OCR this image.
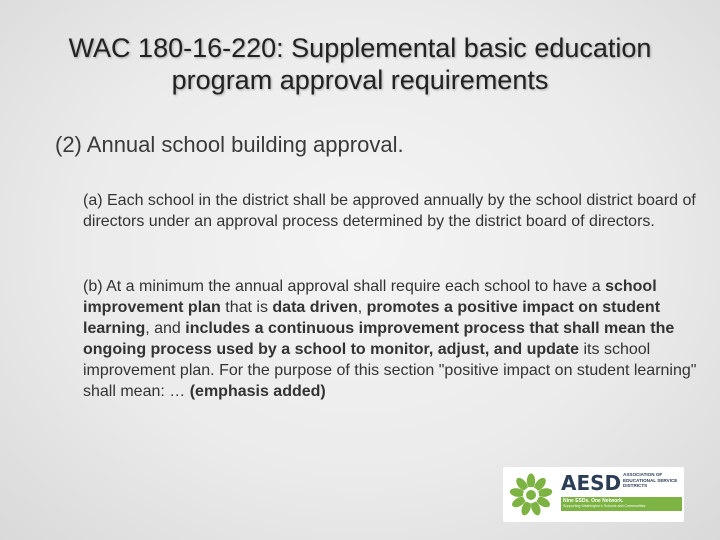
WAC 180-16-220: Supplemental basic education program approval requirements
(2) Annual school building approval.

(a) Each school in the district shall be approved annually by the school district board of directors under an approval process determined by the district board of directors.

(b) At a minimum the annual approval shall require each school to have a school improvement plan that is data driven, promotes a positive impact on student learning, and includes a continuous improvement process that shall mean the ongoing process used by a school to monitor, adjust, and update its school improvement plan. For the purpose of this section "positive impact on student learning" shall mean: … (emphasis added)

AESD ASSOCIATION OF EDUCATIONAL SERVICE DISTRICTS
Nine ESDs. One Network.
Supporting Washington's Schools and Communities
